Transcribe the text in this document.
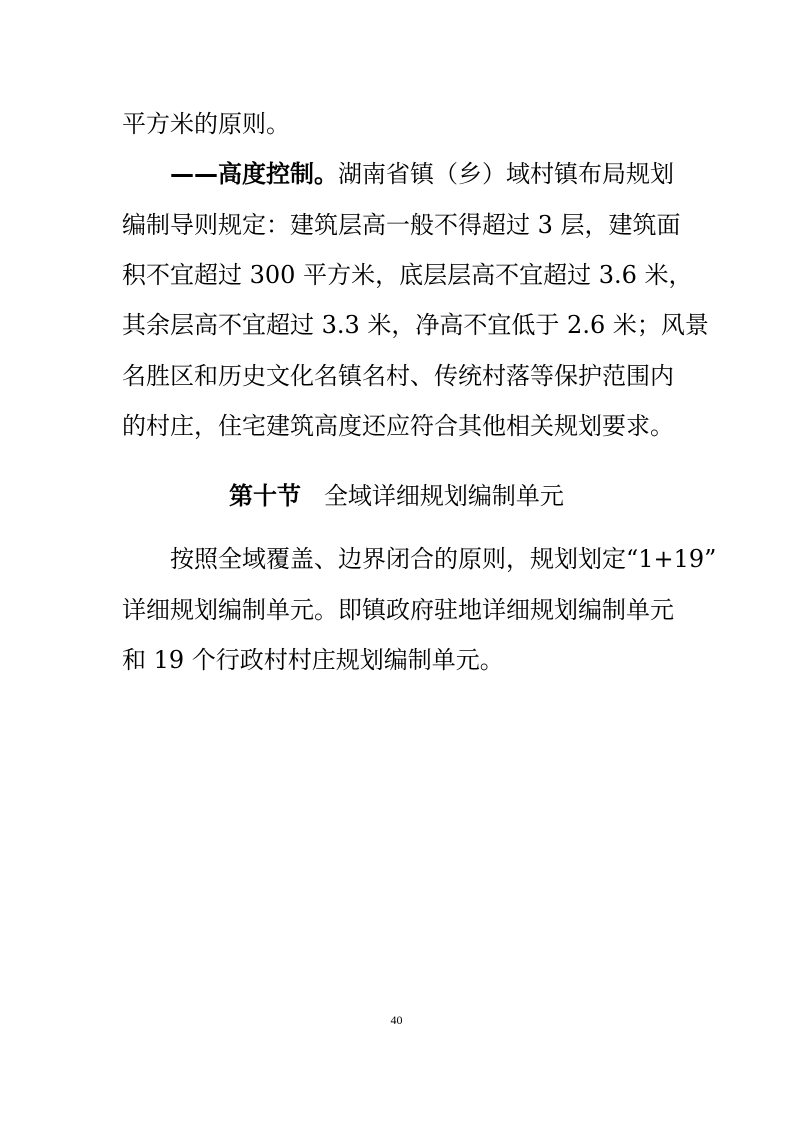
平方米的原则。
——高度控制。湖南省镇（乡）域村镇布局规划
编制导则规定：建筑层高一般不得超过 3 层，建筑面
积不宜超过 300 平方米，底层层高不宜超过 3.6 米，
其余层高不宜超过 3.3 米，净高不宜低于 2.6 米；风景
名胜区和历史文化名镇名村、传统村落等保护范围内
的村庄，住宅建筑高度还应符合其他相关规划要求。
第十节 全域详细规划编制单元
按照全域覆盖、边界闭合的原则，规划划定“1+19”
详细规划编制单元。即镇政府驻地详细规划编制单元
和 19 个行政村村庄规划编制单元。
40
